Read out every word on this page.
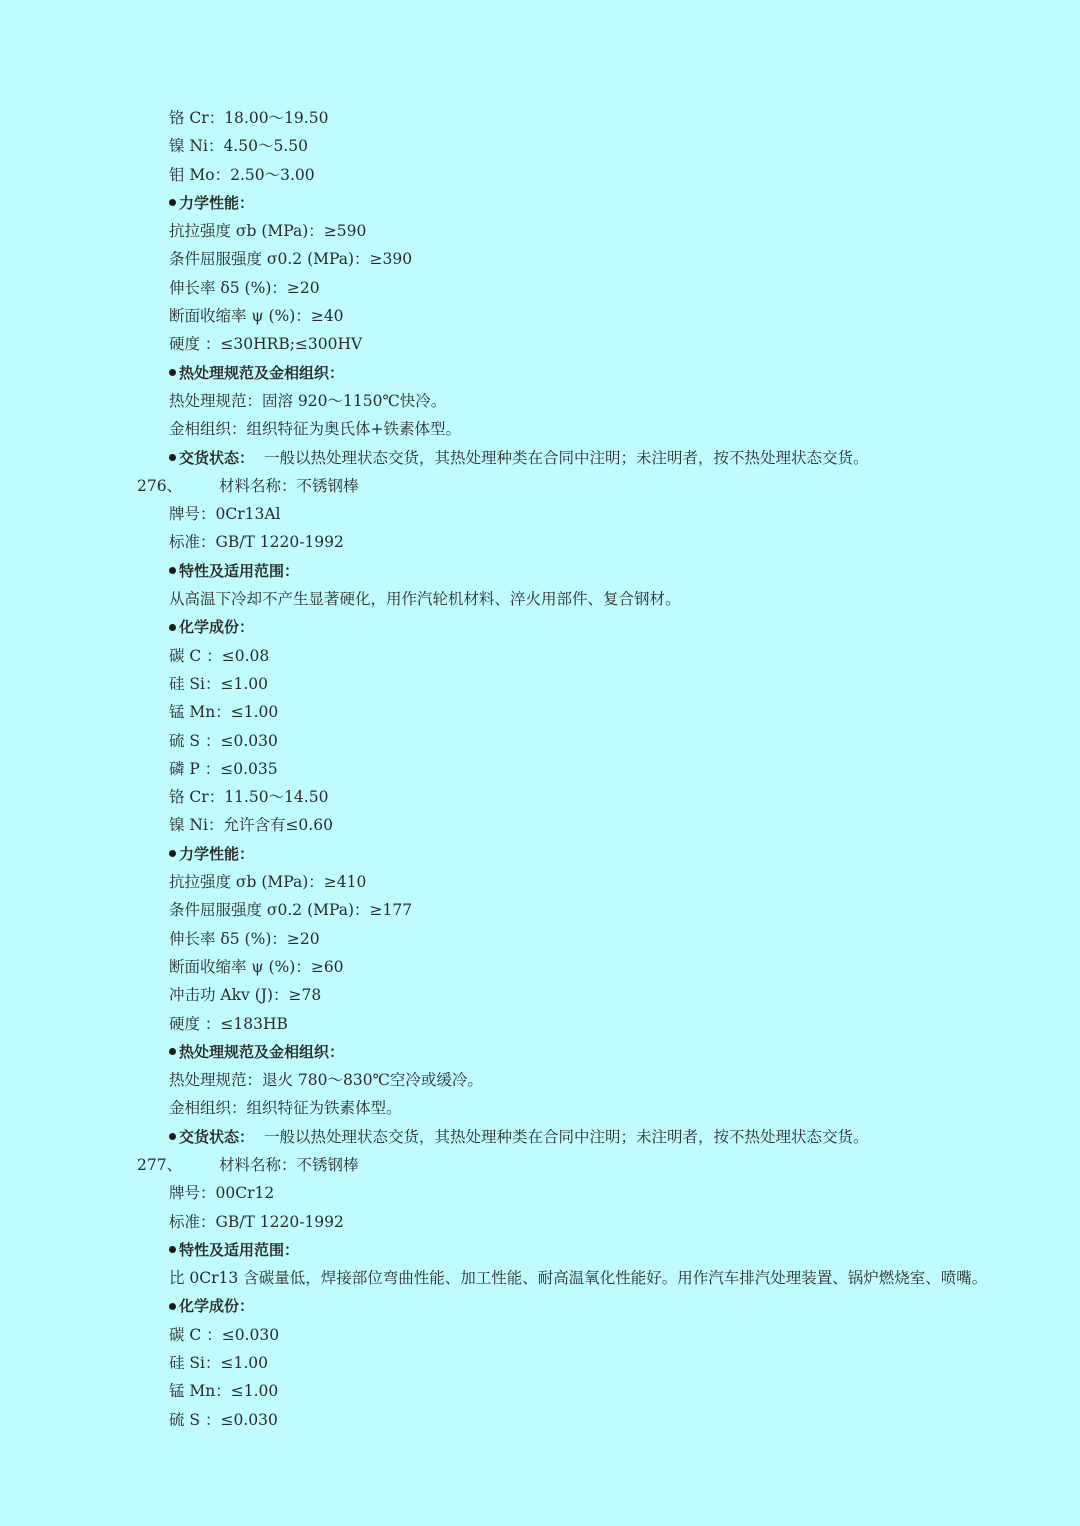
铬 Cr：18.00～19.50
镍 Ni：4.50～5.50
钼 Mo：2.50～3.00
力学性能：
抗拉强度 σb (MPa)：≥590
条件屈服强度 σ0.2 (MPa)：≥390
伸长率 δ5 (%)：≥20
断面收缩率 ψ (%)：≥40
硬度 ：≤30HRB;≤300HV
热处理规范及金相组织：
热处理规范：固溶 920～1150℃快冷。
金相组织：组织特征为奥氏体+铁素体型。
交货状态： 一般以热处理状态交货，其热处理种类在合同中注明；未注明者，按不热处理状态交货。
276、 材料名称：不锈钢棒
牌号：0Cr13Al
标准：GB/T 1220-1992
特性及适用范围：
从高温下冷却不产生显著硬化，用作汽轮机材料、淬火用部件、复合钢材。
化学成份：
碳 C ：≤0.08
硅 Si：≤1.00
锰 Mn：≤1.00
硫 S ：≤0.030
磷 P ：≤0.035
铬 Cr：11.50～14.50
镍 Ni：允许含有≤0.60
力学性能：
抗拉强度 σb (MPa)：≥410
条件屈服强度 σ0.2 (MPa)：≥177
伸长率 δ5 (%)：≥20
断面收缩率 ψ (%)：≥60
冲击功 Akv (J)：≥78
硬度 ：≤183HB
热处理规范及金相组织：
热处理规范：退火 780～830℃空冷或缓冷。
金相组织：组织特征为铁素体型。
交货状态： 一般以热处理状态交货，其热处理种类在合同中注明；未注明者，按不热处理状态交货。
277、 材料名称：不锈钢棒
牌号：00Cr12
标准：GB/T 1220-1992
特性及适用范围：
比 0Cr13 含碳量低，焊接部位弯曲性能、加工性能、耐高温氧化性能好。用作汽车排汽处理装置、锅炉燃烧室、喷嘴。
化学成份：
碳 C ：≤0.030
硅 Si：≤1.00
锰 Mn：≤1.00
硫 S ：≤0.030
